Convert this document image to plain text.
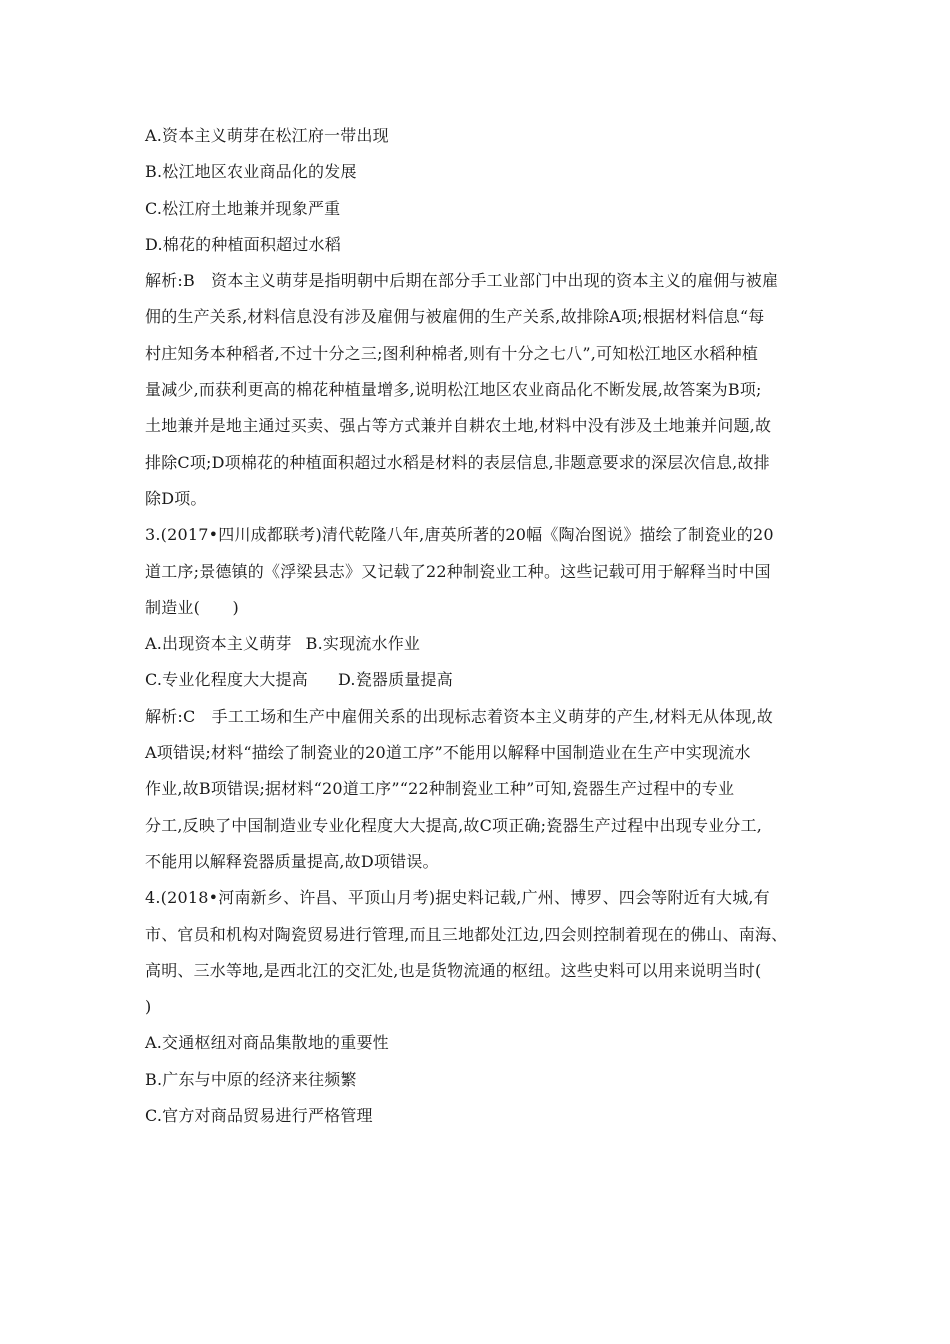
A.资本主义萌芽在松江府一带出现
B.松江地区农业商品化的发展
C.松江府土地兼并现象严重
D.棉花的种植面积超过水稻
解析:B　资本主义萌芽是指明朝中后期在部分手工业部门中出现的资本主义的雇佣与被雇
佣的生产关系,材料信息没有涉及雇佣与被雇佣的生产关系,故排除A项;根据材料信息“每
村庄知务本种稻者,不过十分之三;图利种棉者,则有十分之七八”,可知松江地区水稻种植
量减少,而获利更高的棉花种植量增多,说明松江地区农业商品化不断发展,故答案为B项;
土地兼并是地主通过买卖、强占等方式兼并自耕农土地,材料中没有涉及土地兼并问题,故
排除C项;D项棉花的种植面积超过水稻是材料的表层信息,非题意要求的深层次信息,故排
除D项。
3.(2017•四川成都联考)清代乾隆八年,唐英所著的20幅《陶冶图说》描绘了制瓷业的20
道工序;景德镇的《浮梁县志》又记载了22种制瓷业工种。这些记载可用于解释当时中国
制造业(　　)
A.出现资本主义萌芽 B.实现流水作业
C.专业化程度大大提高 D.瓷器质量提高
解析:C　手工工场和生产中雇佣关系的出现标志着资本主义萌芽的产生,材料无从体现,故
A项错误;材料“描绘了制瓷业的20道工序”不能用以解释中国制造业在生产中实现流水
作业,故B项错误;据材料“20道工序”“22种制瓷业工种”可知,瓷器生产过程中的专业
分工,反映了中国制造业专业化程度大大提高,故C项正确;瓷器生产过程中出现专业分工,
不能用以解释瓷器质量提高,故D项错误。
4.(2018•河南新乡、许昌、平顶山月考)据史料记载,广州、博罗、四会等附近有大城,有
市、官员和机构对陶瓷贸易进行管理,而且三地都处江边,四会则控制着现在的佛山、南海、
高明、三水等地,是西北江的交汇处,也是货物流通的枢纽。这些史料可以用来说明当时(
)
A.交通枢纽对商品集散地的重要性
B.广东与中原的经济来往频繁
C.官方对商品贸易进行严格管理
